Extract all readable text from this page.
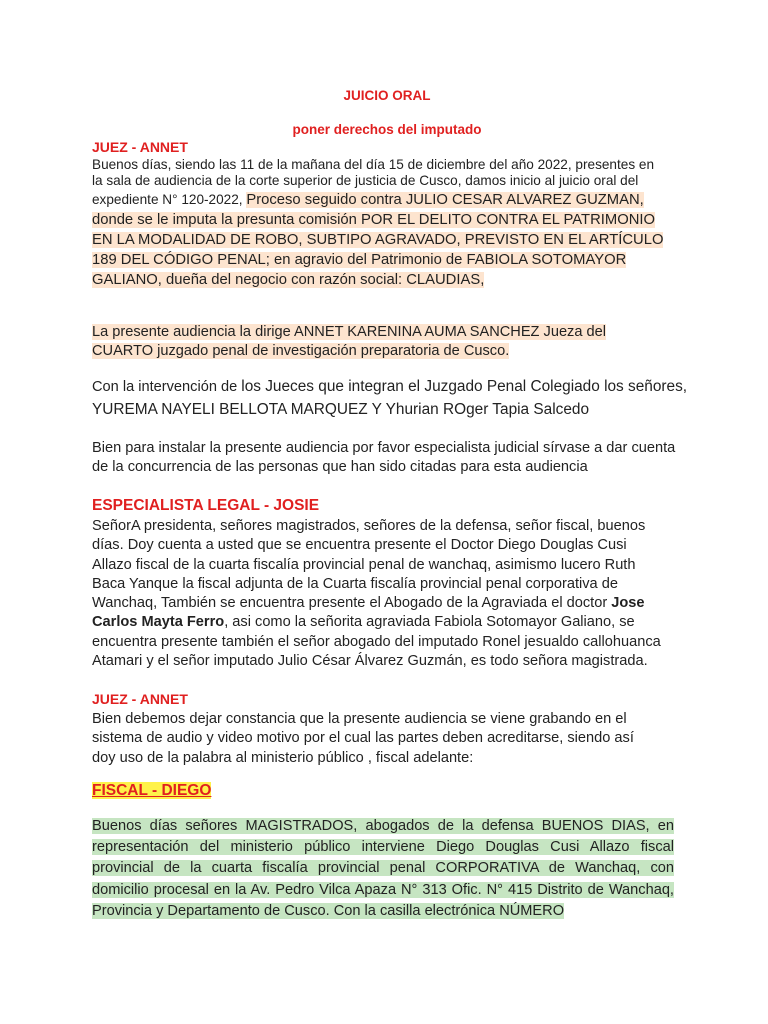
JUICIO ORAL
poner derechos del imputado
JUEZ - ANNET
Buenos días, siendo las 11 de la mañana del día 15 de diciembre del año 2022, presentes en la sala de audiencia de la corte superior de justicia de Cusco, damos inicio al juicio oral del expediente N° 120-2022, Proceso seguido contra JULIO CESAR ALVAREZ GUZMAN, donde se le imputa la presunta comisión POR EL DELITO CONTRA EL PATRIMONIO EN LA MODALIDAD DE ROBO, SUBTIPO AGRAVADO, PREVISTO EN EL ARTÍCULO 189 DEL CÓDIGO PENAL; en agravio del Patrimonio de FABIOLA SOTOMAYOR GALIANO, dueña del negocio con razón social: CLAUDIAS,
La presente audiencia la dirige ANNET KARENINA AUMA SANCHEZ Jueza del CUARTO juzgado penal de investigación preparatoria de Cusco.
Con la intervención de los Jueces que integran el Juzgado Penal Colegiado los señores, YUREMA NAYELI BELLOTA MARQUEZ Y Yhurian ROger Tapia Salcedo
Bien para instalar la presente audiencia por favor especialista judicial sírvase a dar cuenta de la concurrencia de las personas que han sido citadas para esta audiencia
ESPECIALISTA LEGAL - JOSIE
SeñorA presidenta, señores magistrados, señores de la defensa, señor fiscal, buenos días. Doy cuenta a usted que se encuentra presente el Doctor Diego Douglas Cusi Allazo fiscal de la cuarta fiscalía provincial penal de wanchaq, asimismo lucero Ruth Baca Yanque la fiscal adjunta de la Cuarta fiscalía provincial penal corporativa de Wanchaq, También se encuentra presente el Abogado de la Agraviada el doctor Jose Carlos Mayta Ferro, asi como la señorita agraviada Fabiola Sotomayor Galiano, se encuentra presente también el señor abogado del imputado Ronel jesualdo callohuanca Atamari y el señor imputado Julio César Álvarez Guzmán, es todo señora magistrada.
JUEZ - ANNET
Bien debemos dejar constancia que la presente audiencia se viene grabando en el sistema de audio y video motivo por el cual las partes deben acreditarse, siendo así doy uso de la palabra al ministerio público , fiscal adelante:
FISCAL - DIEGO
Buenos días señores MAGISTRADOS, abogados de la defensa BUENOS DIAS, en representación del ministerio público interviene Diego Douglas Cusi Allazo fiscal provincial de la cuarta fiscalía provincial penal CORPORATIVA de Wanchaq, con domicilio procesal en la Av. Pedro Vilca Apaza N° 313 Ofic. N° 415 Distrito de Wanchaq, Provincia y Departamento de Cusco. Con la casilla electrónica NÚMERO
